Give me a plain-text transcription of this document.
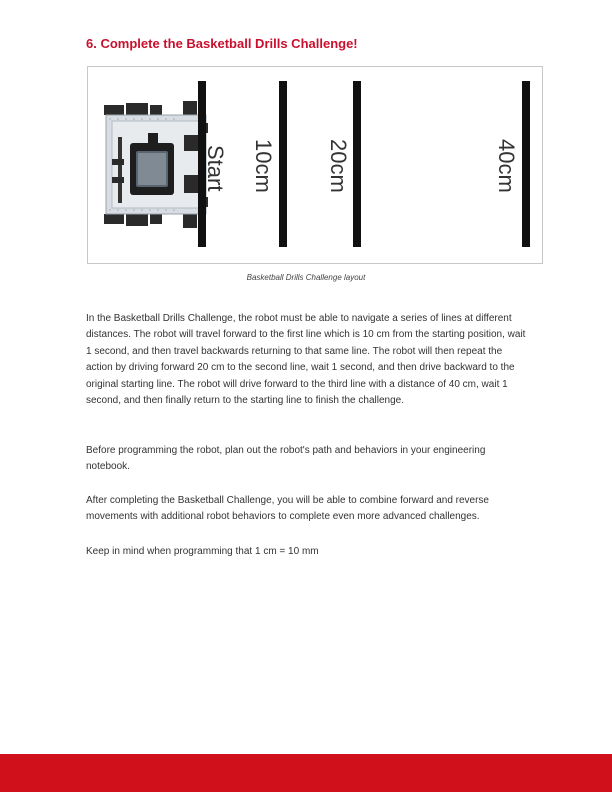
6. Complete the Basketball Drills Challenge!
Start 10cm 20cm	40cm
Basketball Drills Challenge layout

In the Basketball Drills Challenge, the robot must be able to navigate a series of lines at different distances. The robot will travel forward to the first line which is 10 cm from the starting position, wait 1 second, and then travel backwards returning to that same line. The robot will then repeat the action by driving forward 20 cm to the second line, wait 1 second, and then drive backward to the original starting line. The robot will drive forward to the third line with a distance of 40 cm, wait 1 second, and then finally return to the starting line to finish the challenge.

Before programming the robot, plan out the robot's path and behaviors in your engineering notebook.

After completing the Basketball Challenge, you will be able to combine forward and reverse movements with additional robot behaviors to complete even more advanced challenges.

Keep in mind when programming that 1 cm = 10 mm
